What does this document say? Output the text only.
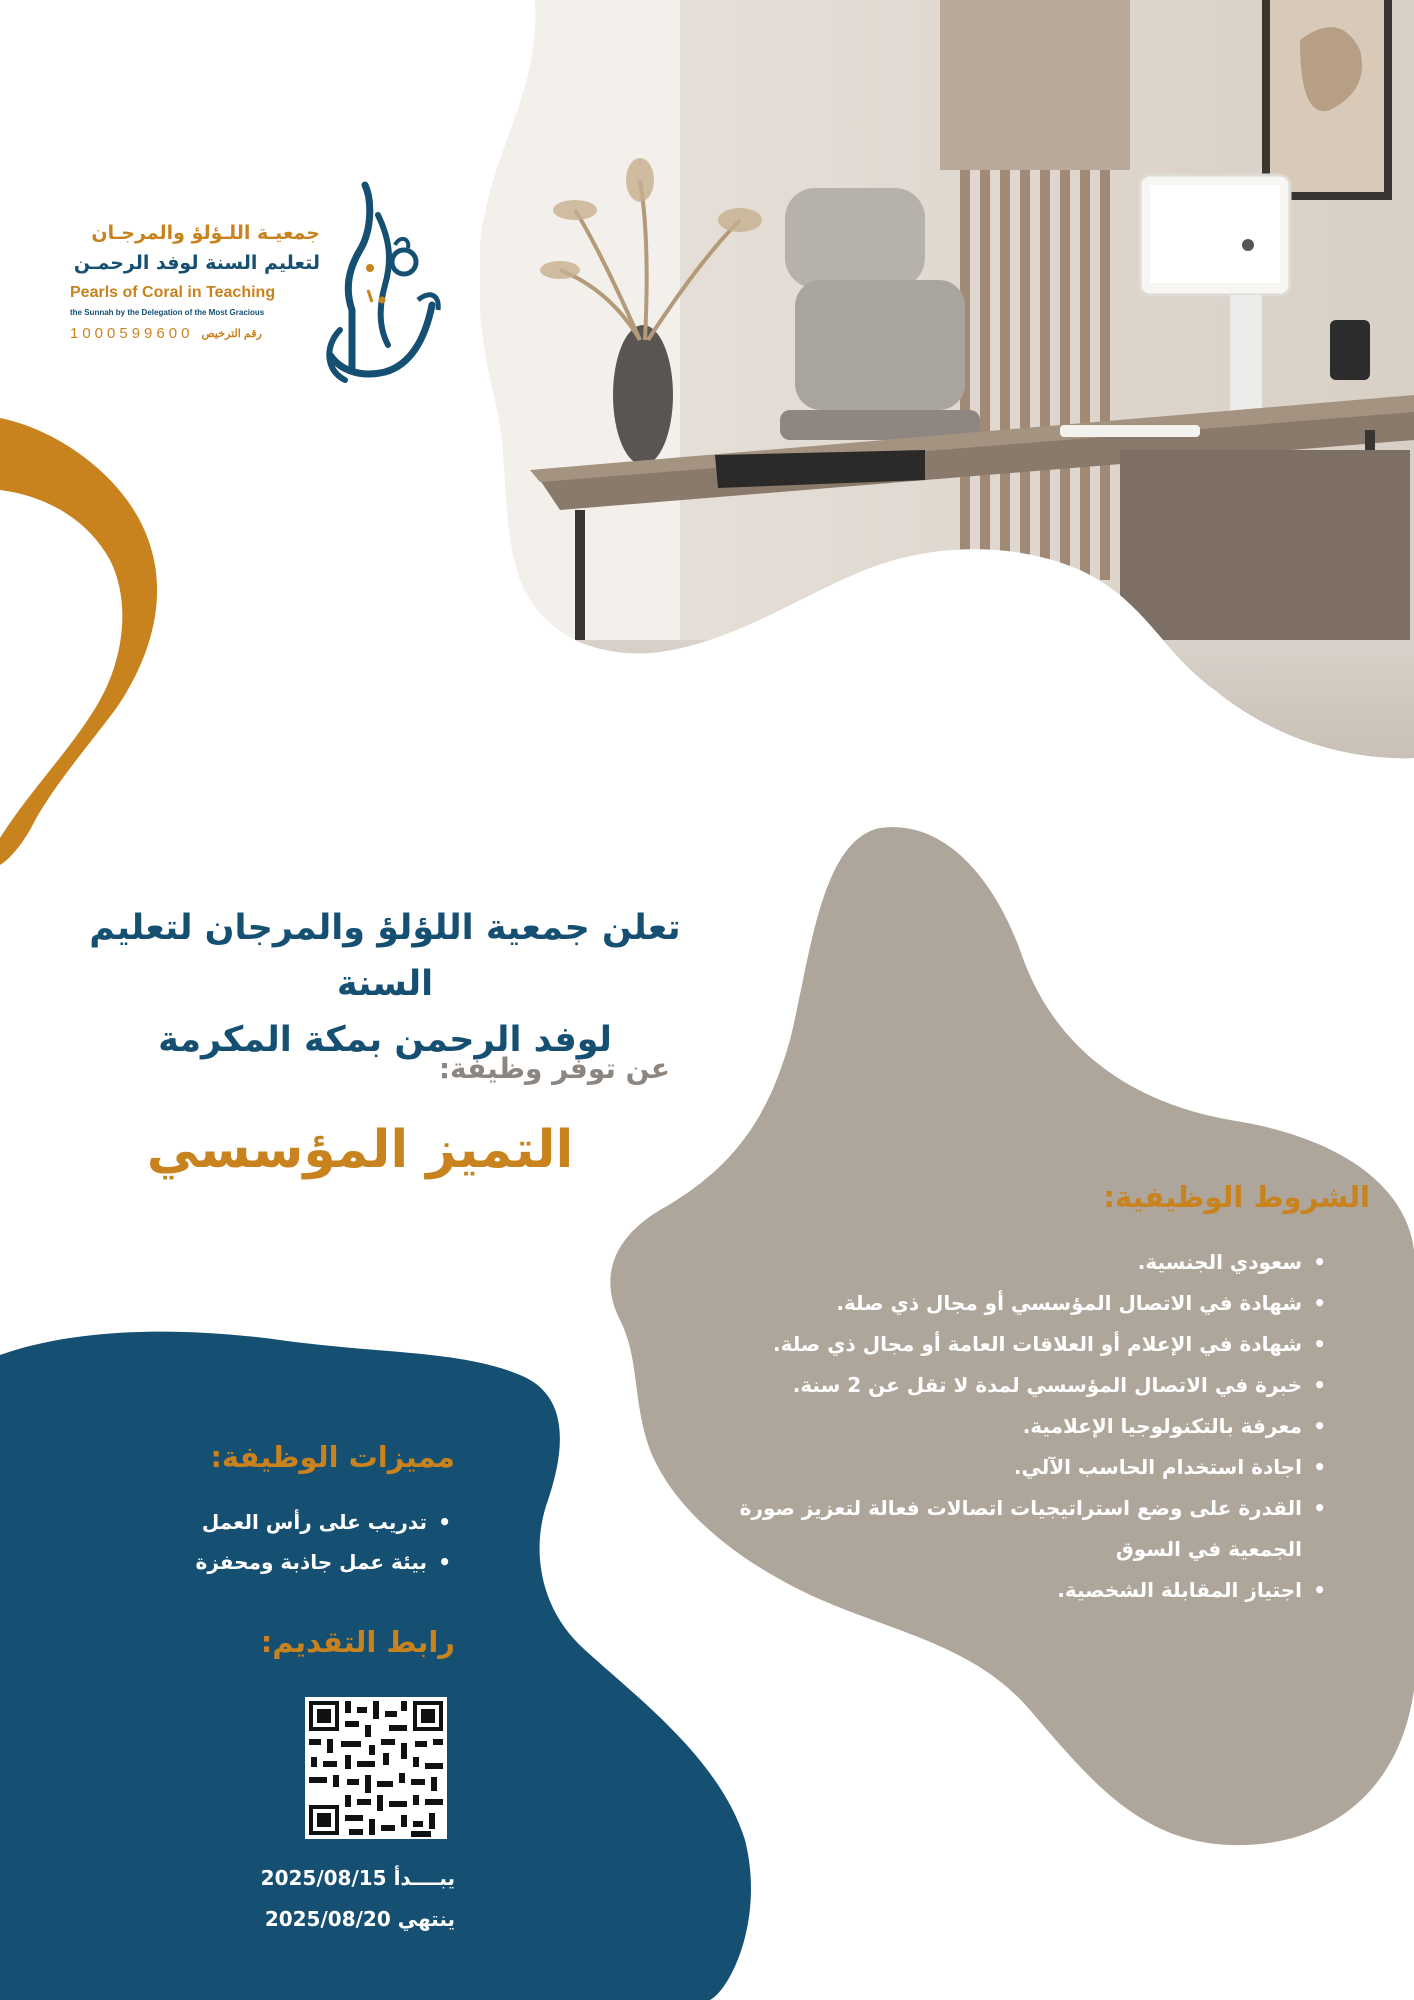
جمعيـة اللـؤلؤ والمرجـان
لتعليم السنة لوفد الرحمـن
Pearls of Coral in Teaching
the Sunnah by the Delegation of the Most Gracious
1000599600 رقم الترخيص
تعلن جمعية اللؤلؤ والمرجان لتعليم السنة
لوفد الرحمن بمكة المكرمة
عن توفر وظيفة:
التميز المؤسسي
الشروط الوظيفية:
• سعودي الجنسية.
• شهادة في الاتصال المؤسسي أو مجال ذي صلة.
• شهادة في الإعلام أو العلاقات العامة أو مجال ذي صلة.
• خبرة في الاتصال المؤسسي لمدة لا تقل عن 2 سنة.
• معرفة بالتكنولوجيا الإعلامية.
• اجادة استخدام الحاسب الآلي.
• القدرة على وضع استراتيجيات اتصالات فعالة لتعزيز صورة الجمعية في السوق
• اجتياز المقابلة الشخصية.
مميزات الوظيفة:
• تدريب على رأس العمل
• بيئة عمل جاذبة ومحفزة
رابط التقديم:
يبــــدأ 2025/08/15
ينتهي 2025/08/20
